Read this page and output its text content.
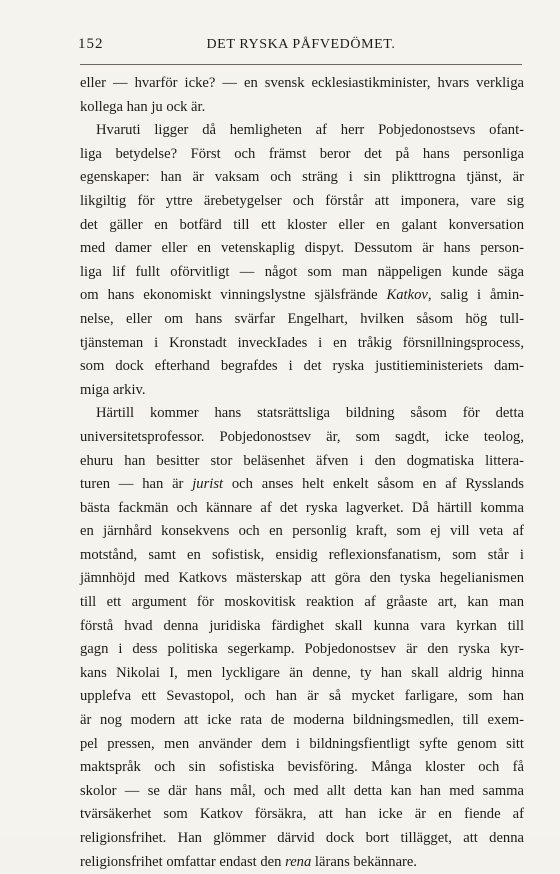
152	DET RYSKA PÅFVEDÖMET.
eller — hvarför icke? — en svensk ecklesiastikminister, hvars verkliga
kollega han ju ock är.
Hvaruti ligger då hemligheten af herr Pobjedonostsevs ofant-
liga betydelse? Först och främst beror det på hans personliga
egenskaper: han är vaksam och sträng i sin plikttrogna tjänst, är
likgiltig för yttre ärebetygelser och förstår att imponera, vare sig
det gäller en botfärd till ett kloster eller en galant konversation
med damer eller en vetenskaplig dispyt. Dessutom är hans person-
liga lif fullt oförvitligt — något som man näppeligen kunde säga
om hans ekonomiskt vinningslystne själsfrände Katkov, salig i åmin-
nelse, eller om hans svärfar Engelhart, hvilken såsom hög tull-
tjänsteman i Kronstadt inveckIades i en tråkig försnillningsprocess,
som dock efterhand begrafdes i det ryska justitieministeriets dam-
miga arkiv.
Härtill kommer hans statsrättsliga bildning såsom för detta
universitetsprofessor. Pobjedonostsev är, som sagdt, icke teolog,
ehuru han besitter stor beläsenhet äfven i den dogmatiska littera-
turen — han är jurist och anses helt enkelt såsom en af Rysslands
bästa fackmän och kännare af det ryska lagverket. Då härtill komma
en järnhård konsekvens och en personlig kraft, som ej vill veta af
motstånd, samt en sofistisk, ensidig reflexionsfanatism, som står i
jämnhöjd med Katkovs mästerskap att göra den tyska hegelianismen
till ett argument för moskovitisk reaktion af gråaste art, kan man
förstå hvad denna juridiska färdighet skall kunna vara kyrkan till
gagn i dess politiska segerkamp. Pobjedonostsev är den ryska kyr-
kans Nikolai I, men lyckligare än denne, ty han skall aldrig hinna
upplefva ett Sevastopol, och han är så mycket farligare, som han
är nog modern att icke rata de moderna bildningsmedlen, till exem-
pel pressen, men använder dem i bildningsfientligt syfte genom sitt
maktspråk och sin sofistiska bevisföring. Många kloster och få
skolor — se där hans mål, och med allt detta kan han med samma
tvärsäkerhet som Katkov försäkra, att han icke är en fiende af
religionsfrihet. Han glömmer därvid dock bort tillägget, att denna
religionsfrihet omfattar endast den rena lärans bekännare.
